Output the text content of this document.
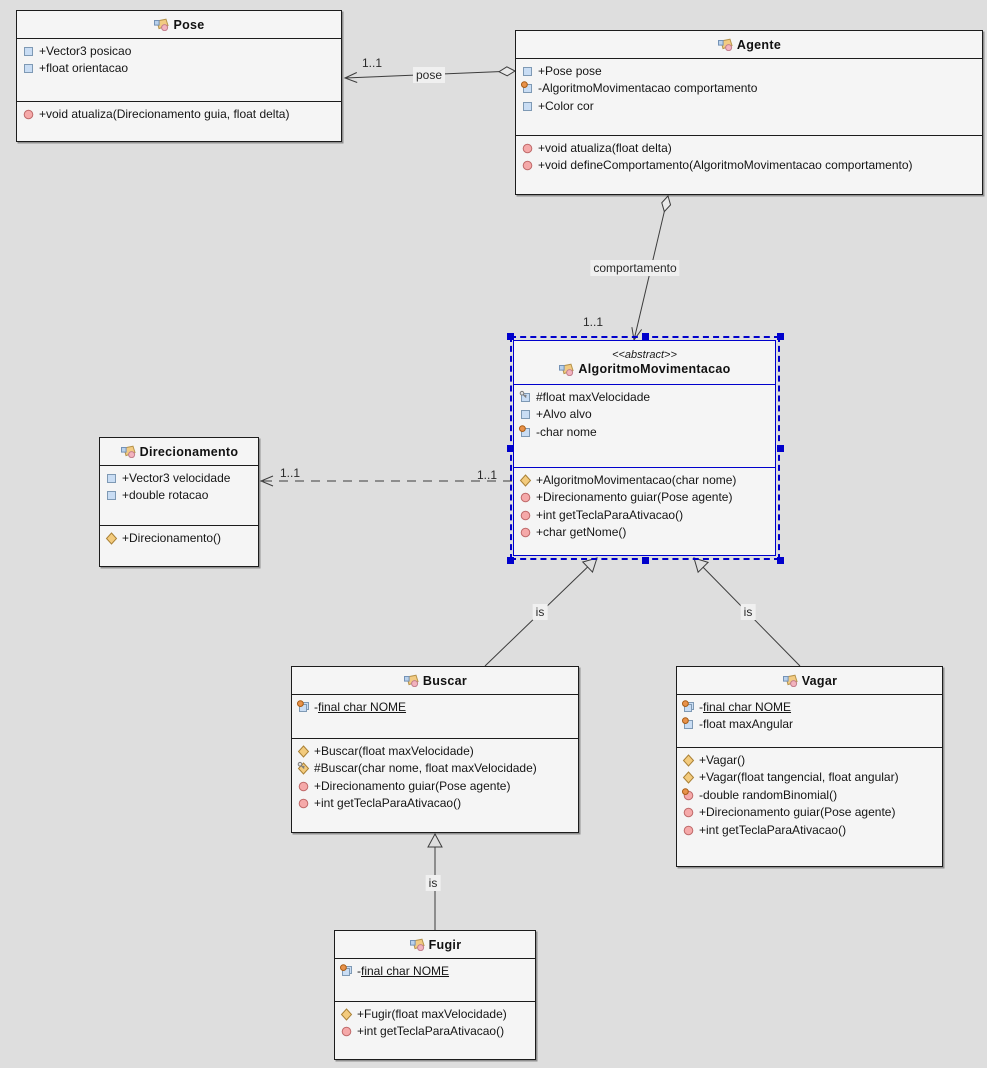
Pose
+Vector3 posicao
+float orientacao
+void atualiza(Direcionamento guia, float delta)
Agente
+Pose pose
-AlgoritmoMovimentacao comportamento
+Color cor
+void atualiza(float delta)
+void defineComportamento(AlgoritmoMovimentacao comportamento)
<<abstract>>
AlgoritmoMovimentacao
#float maxVelocidade
+Alvo alvo
-char nome
+AlgoritmoMovimentacao(char nome)
+Direcionamento guiar(Pose agente)
+int getTeclaParaAtivacao()
+char getNome()
Direcionamento
+Vector3 velocidade
+double rotacao
+Direcionamento()
Buscar
-final char NOME
+Buscar(float maxVelocidade)
#Buscar(char nome, float maxVelocidade)
+Direcionamento guiar(Pose agente)
+int getTeclaParaAtivacao()
Vagar
-final char NOME
-float maxAngular
+Vagar()
+Vagar(float tangencial, float angular)
-double randomBinomial()
+Direcionamento guiar(Pose agente)
+int getTeclaParaAtivacao()
Fugir
-final char NOME
+Fugir(float maxVelocidade)
+int getTeclaParaAtivacao()
pose
1..1
comportamento
1..1
1..1	1..1
is	is
is
